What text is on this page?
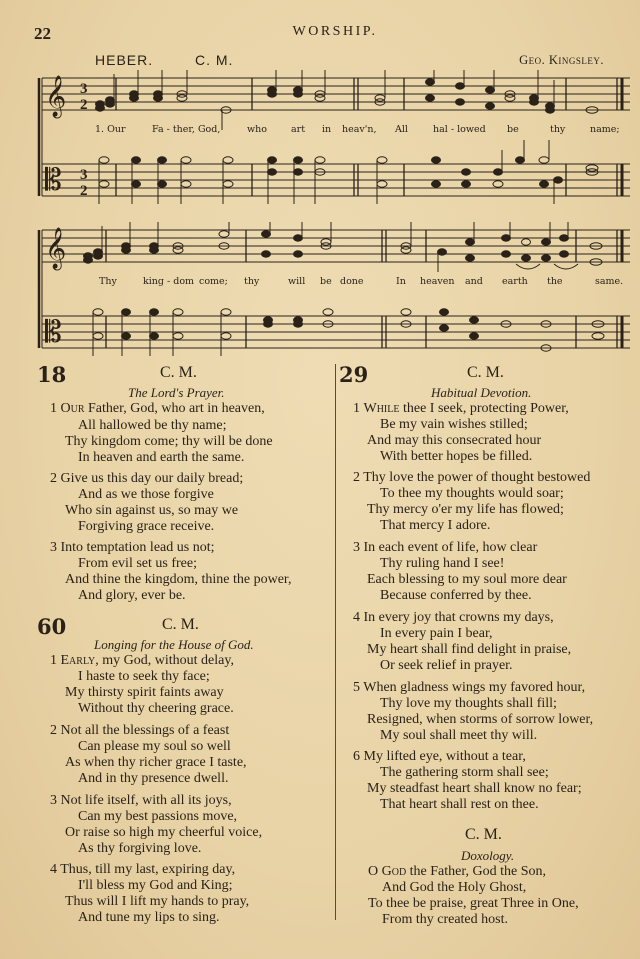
22	WORSHIP.
HEBER.	C. M.	Geo. Kingsley.
𝄞
𝄡
3
2
3
2
1. Our	Fa - ther, God,	who	art in heav'n, All	hal - lowed be	thy	name;
𝄞
𝄡
Thy	king - dom come; thy	will be done	In heaven and earth the	same.
18	C. M.
The Lord's Prayer.
1 Our Father, God, who art in heaven,
All hallowed be thy name;
Thy kingdom come; thy will be done
In heaven and earth the same.
2 Give us this day our daily bread;
And as we those forgive
Who sin against us, so may we
Forgiving grace receive.
3 Into temptation lead us not;
From evil set us free;
And thine the kingdom, thine the power,
And glory, ever be.
60	C. M.
Longing for the House of God.
1 Early, my God, without delay,
I haste to seek thy face;
My thirsty spirit faints away
Without thy cheering grace.
2 Not all the blessings of a feast
Can please my soul so well
As when thy richer grace I taste,
And in thy presence dwell.
3 Not life itself, with all its joys,
Can my best passions move,
Or raise so high my cheerful voice,
As thy forgiving love.
4 Thus, till my last, expiring day,
I'll bless my God and King;
Thus will I lift my hands to pray,
And tune my lips to sing.
29	C. M.
Habitual Devotion.
1 While thee I seek, protecting Power,
Be my vain wishes stilled;
And may this consecrated hour
With better hopes be filled.
2 Thy love the power of thought bestowed
To thee my thoughts would soar;
Thy mercy o'er my life has flowed;
That mercy I adore.
3 In each event of life, how clear
Thy ruling hand I see!
Each blessing to my soul more dear
Because conferred by thee.
4 In every joy that crowns my days,
In every pain I bear,
My heart shall find delight in praise,
Or seek relief in prayer.
5 When gladness wings my favored hour,
Thy love my thoughts shall fill;
Resigned, when storms of sorrow lower,
My soul shall meet thy will.
6 My lifted eye, without a tear,
The gathering storm shall see;
My steadfast heart shall know no fear;
That heart shall rest on thee.
C. M.
Doxology.
O God the Father, God the Son,
And God the Holy Ghost,
To thee be praise, great Three in One,
From thy created host.
